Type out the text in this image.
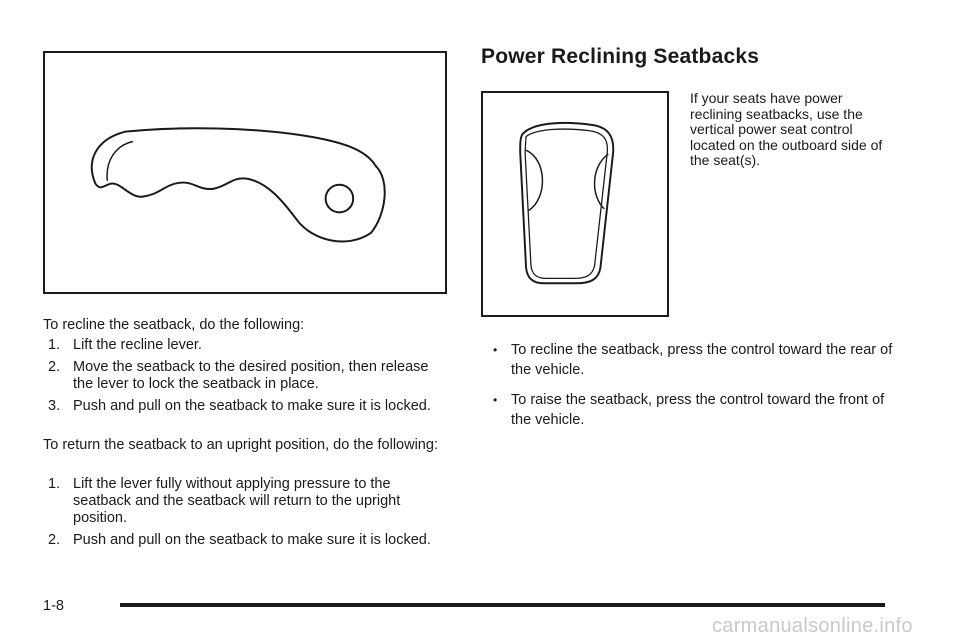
To recline the seatback, do the following:

1. Lift the recline lever.
2. Move the seatback to the desired position, then release the lever to lock the seatback in place.
3. Push and pull on the seatback to make sure it is locked.

To return the seatback to an upright position, do the following:

1. Lift the lever fully without applying pressure to the seatback and the seatback will return to the upright position.
2. Push and pull on the seatback to make sure it is locked.
Power Reclining Seatbacks

If your seats have power reclining seatbacks, use the vertical power seat control located on the outboard side of the seat(s).

• To recline the seatback, press the control toward the rear of the vehicle.
• To raise the seatback, press the control toward the front of the vehicle.
1-8
carmanualsonline.info
